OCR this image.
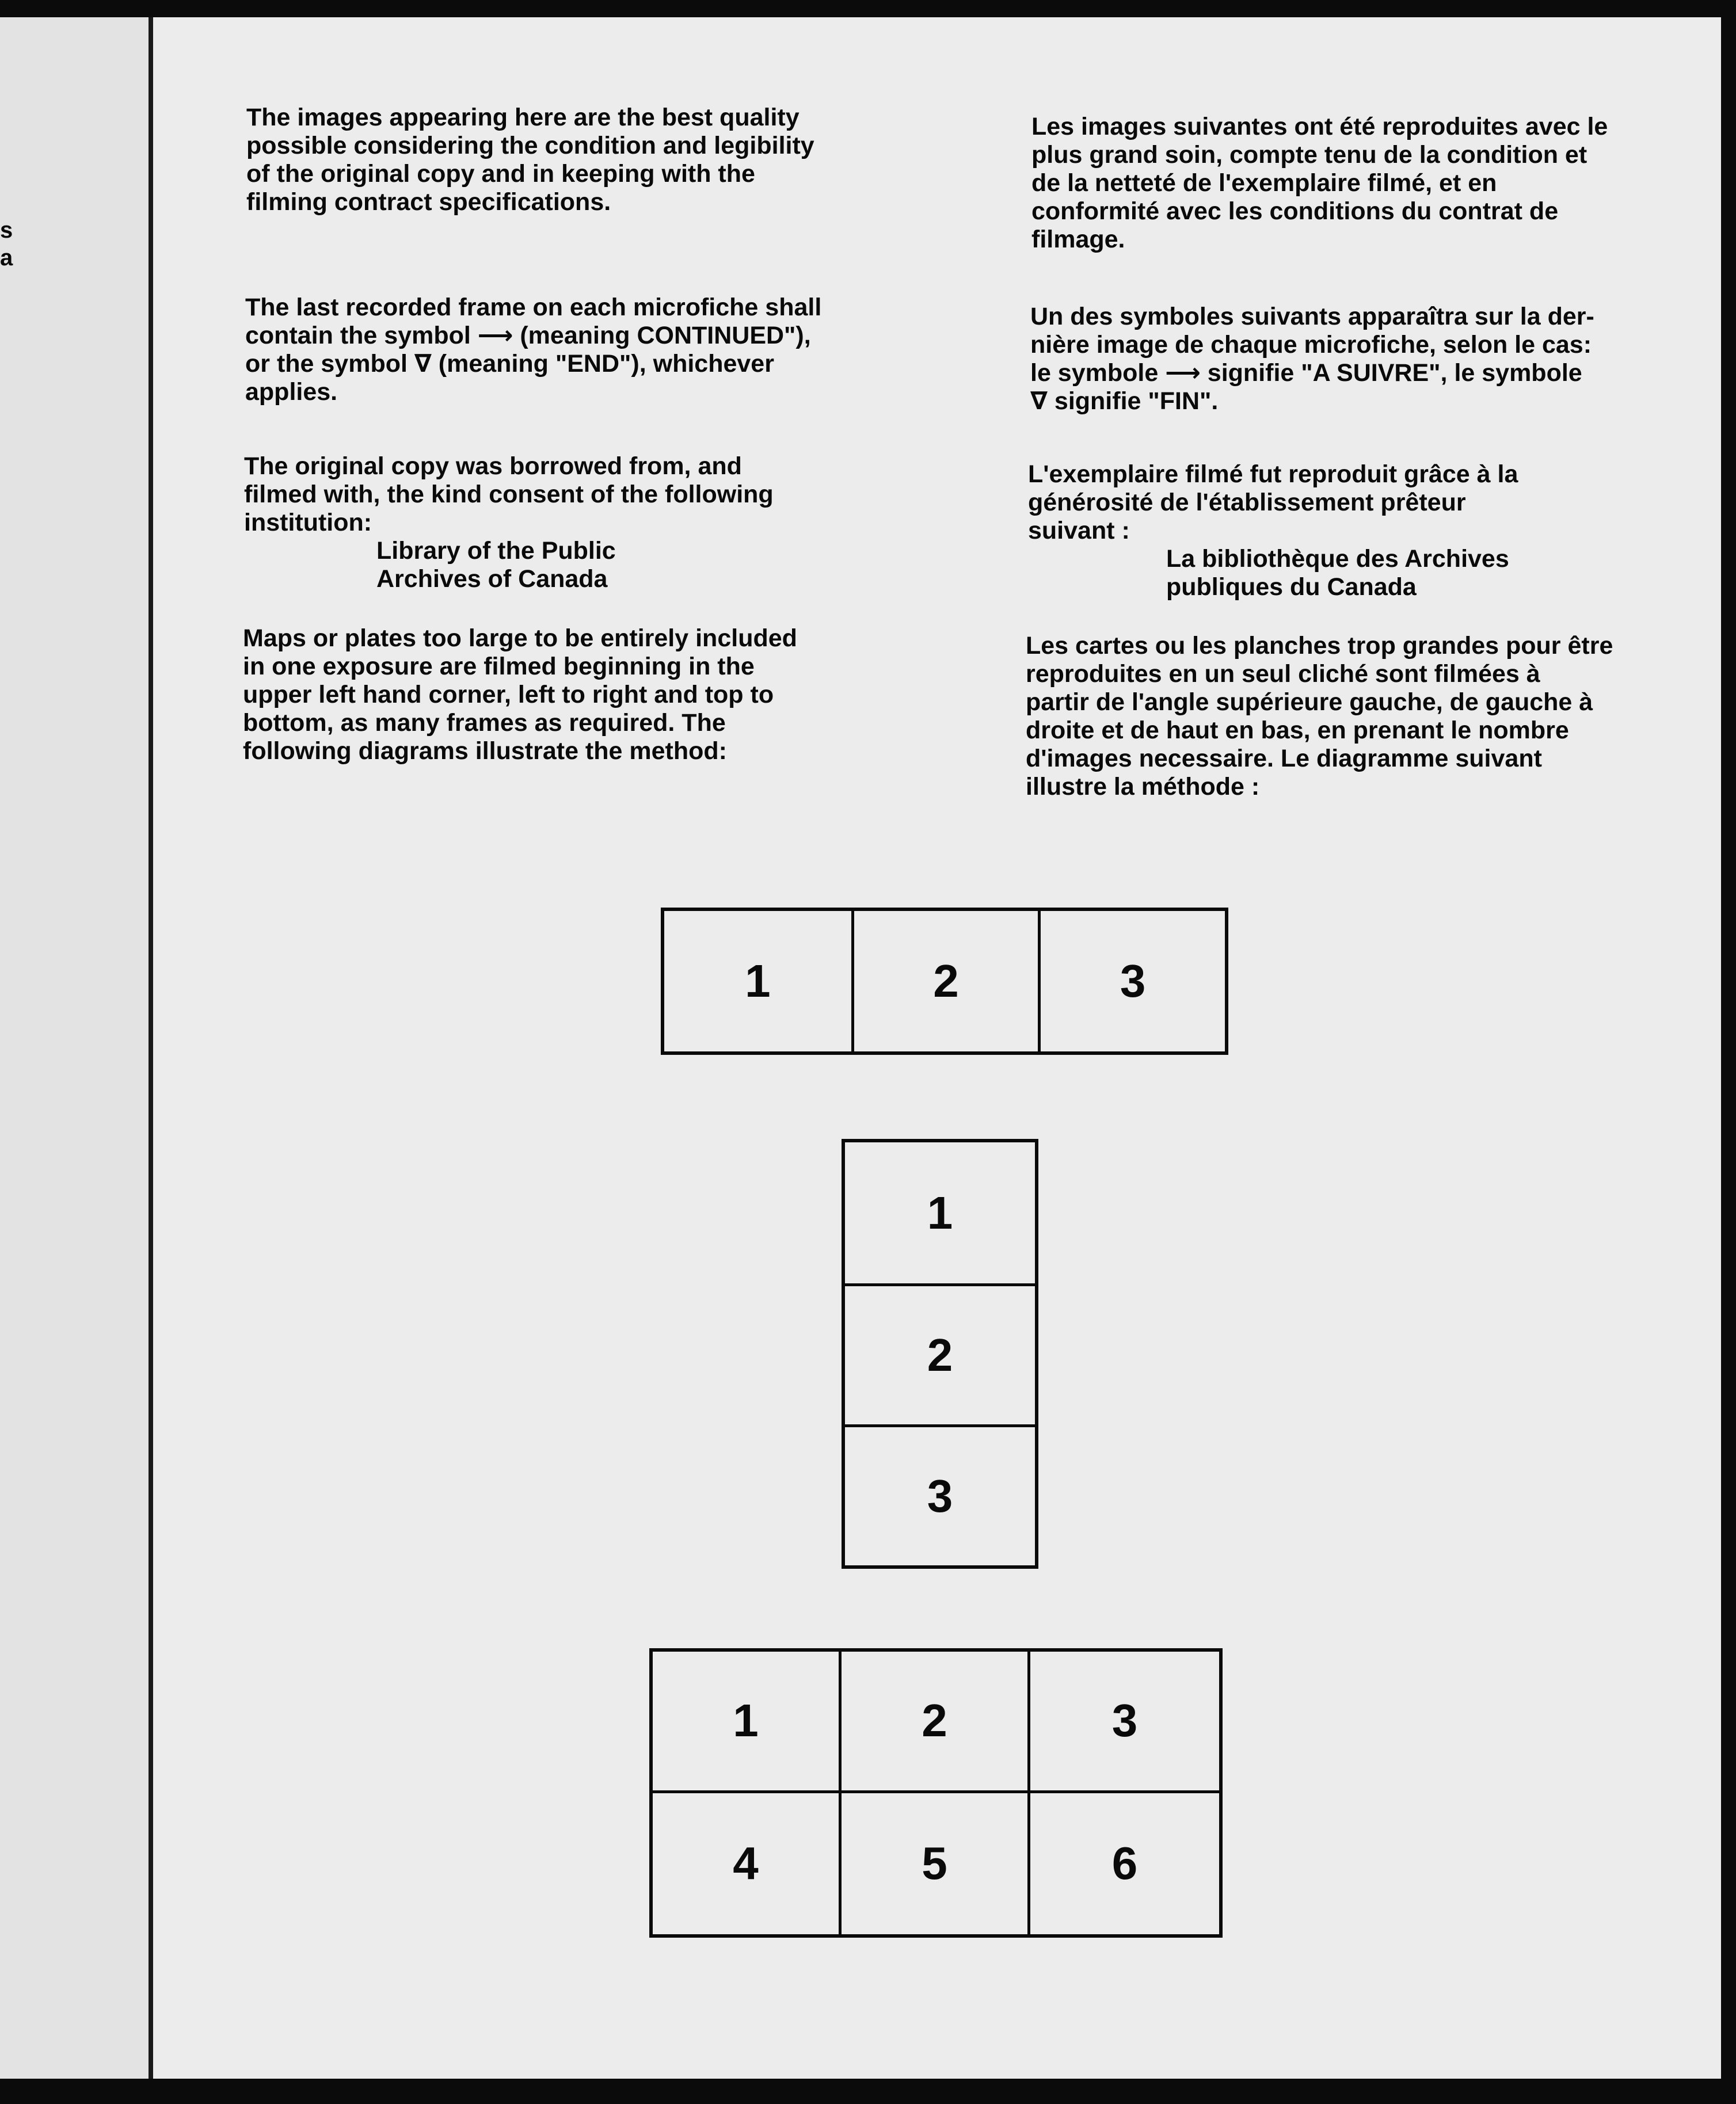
s
a
The images appearing here are the best quality
possible considering the condition and legibility
of the original copy and in keeping with the
filming contract specifications.
The last recorded frame on each microfiche shall
contain the symbol ⟶ (meaning CONTINUED"),
or the symbol ∇ (meaning "END"), whichever
applies.
The original copy was borrowed from, and
filmed with, the kind consent of the following
institution:
Library of the Public
Archives of Canada
Maps or plates too large to be entirely included
in one exposure are filmed beginning in the
upper left hand corner, left to right and top to
bottom, as many frames as required. The
following diagrams illustrate the method:
Les images suivantes ont été reproduites avec le
plus grand soin, compte tenu de la condition et
de la netteté de l'exemplaire filmé, et en
conformité avec les conditions du contrat de
filmage.
Un des symboles suivants apparaîtra sur la der-
nière image de chaque microfiche, selon le cas:
le symbole ⟶ signifie "A SUIVRE", le symbole
∇ signifie "FIN".
L'exemplaire filmé fut reproduit grâce à la
générosité de l'établissement prêteur
suivant :
La bibliothèque des Archives
publiques du Canada
Les cartes ou les planches trop grandes pour être
reproduites en un seul cliché sont filmées à
partir de l'angle supérieure gauche, de gauche à
droite et de haut en bas, en prenant le nombre
d'images necessaire. Le diagramme suivant
illustre la méthode :
1	2	3
1
2
3
1	2	3
4	5	6
